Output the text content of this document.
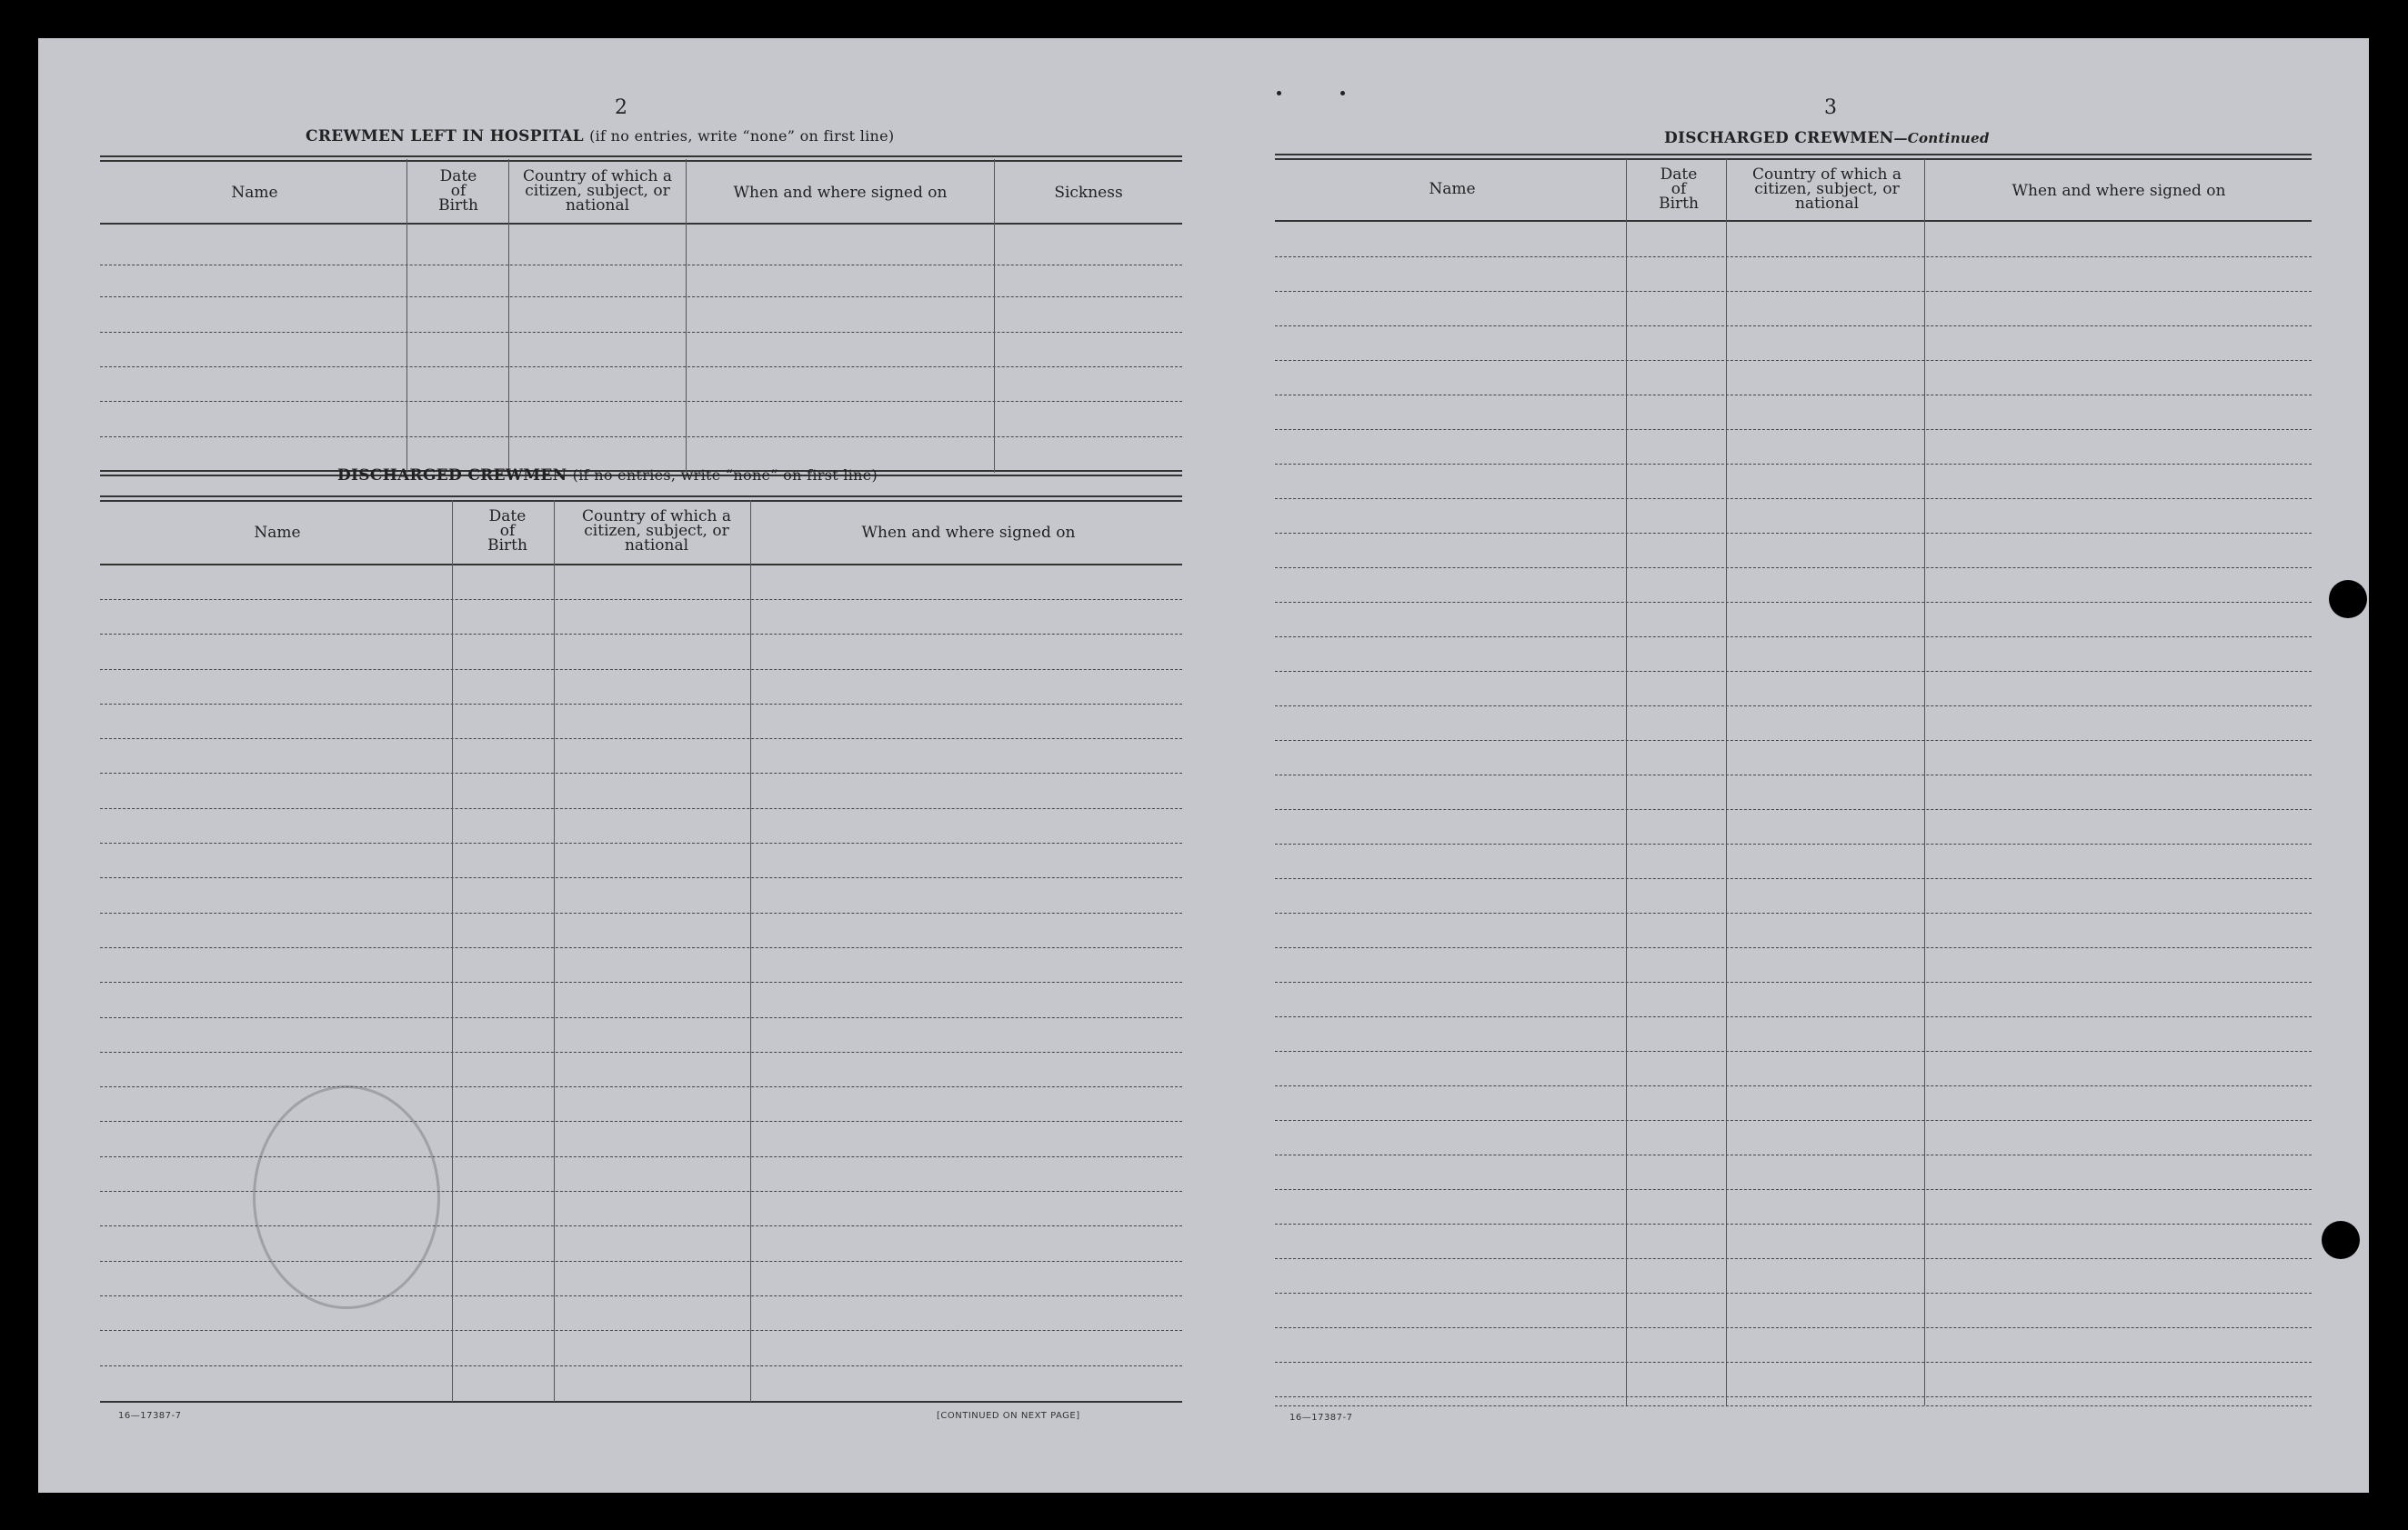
2
CREWMEN LEFT IN HOSPITAL (if no entries, write “none” on first line)
Name
Date of Birth
Country of which a citizen, subject, or national
When and where signed on	Sickness
DISCHARGED CREWMEN (if no entries, write “none” on first line)
Name
Date of Birth
Country of which a citizen, subject, or national
When and where signed on
16—17387-7	[CONTINUED ON NEXT PAGE]
3
DISCHARGED CREWMEN—Continued
Name
Date of Birth
Country of which a citizen, subject, or national
When and where signed on
16—17387-7
